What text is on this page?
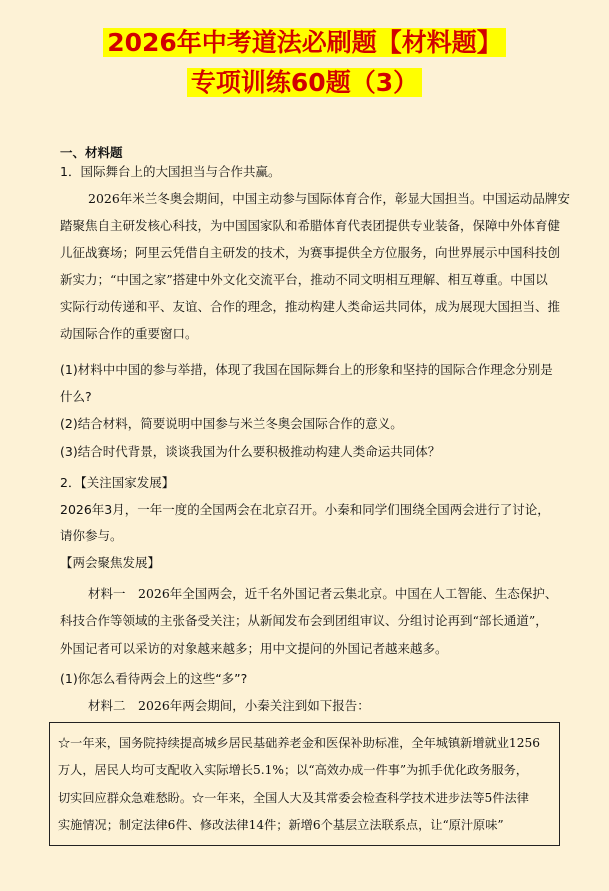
2026年中考道法必刷题【材料题】
专项训练60题（3）
一、材料题
1．国际舞台上的大国担当与合作共赢。
2026年米兰冬奥会期间，中国主动参与国际体育合作，彰显大国担当。中国运动品牌安
踏聚焦自主研发核心科技，为中国国家队和希腊体育代表团提供专业装备，保障中外体育健
儿征战赛场；阿里云凭借自主研发的技术，为赛事提供全方位服务，向世界展示中国科技创
新实力；“中国之家”搭建中外文化交流平台，推动不同文明相互理解、相互尊重。中国以
实际行动传递和平、友谊、合作的理念，推动构建人类命运共同体，成为展现大国担当、推
动国际合作的重要窗口。
(1)材料中中国的参与举措，体现了我国在国际舞台上的形象和坚持的国际合作理念分别是
什么?
(2)结合材料，简要说明中国参与米兰冬奥会国际合作的意义。
(3)结合时代背景，谈谈我国为什么要积极推动构建人类命运共同体？
2．【关注国家发展】
2026年3月，一年一度的全国两会在北京召开。小秦和同学们围绕全国两会进行了讨论，
请你参与。
【两会聚焦发展】
材料一　2026年全国两会，近千名外国记者云集北京。中国在人工智能、生态保护、
科技合作等领域的主张备受关注；从新闻发布会到团组审议、分组讨论再到“部长通道”，
外国记者可以采访的对象越来越多；用中文提问的外国记者越来越多。
(1)你怎么看待两会上的这些“多”?
材料二　2026年两会期间，小秦关注到如下报告：
☆一年来，国务院持续提高城乡居民基础养老金和医保补助标准，全年城镇新增就业1256
万人，居民人均可支配收入实际增长5.1%；以“高效办成一件事”为抓手优化政务服务，
切实回应群众急难愁盼。☆一年来，全国人大及其常委会检查科学技术进步法等5件法律
实施情况；制定法律6件、修改法律14件；新增6个基层立法联系点，让“原汁原味”
